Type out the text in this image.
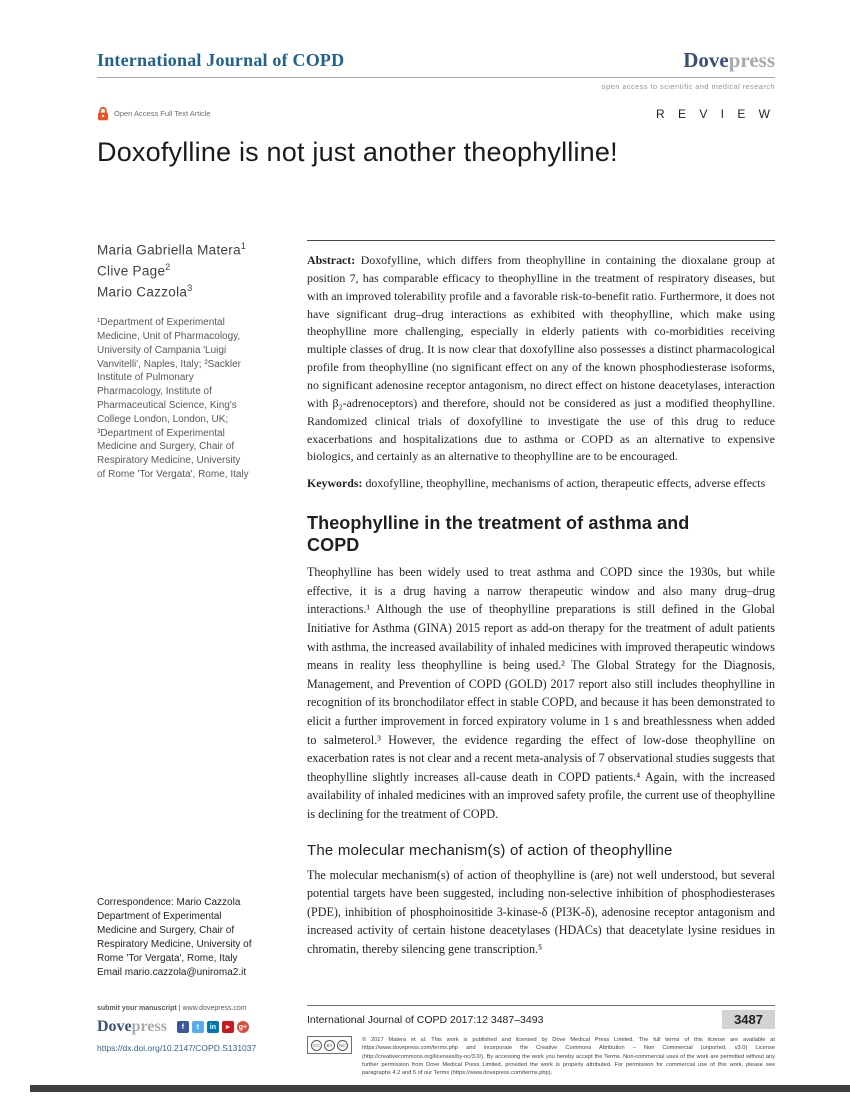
International Journal of COPD	Dovepress
open access to scientific and medical research
Open Access Full Text Article	R E V I E W
Doxofylline is not just another theophylline!
Maria Gabriella Matera$^1$
Clive Page$^2$
Mario Cazzola$^3$
¹Department of Experimental Medicine, Unit of Pharmacology, University of Campania 'Luigi Vanvitelli', Naples, Italy; ²Sackler Institute of Pulmonary Pharmacology, Institute of Pharmaceutical Science, King's College London, London, UK; ³Department of Experimental Medicine and Surgery, Chair of Respiratory Medicine, University of Rome 'Tor Vergata', Rome, Italy
Correspondence: Mario Cazzola
Department of Experimental Medicine and Surgery, Chair of Respiratory Medicine, University of Rome 'Tor Vergata', Rome, Italy
Email mario.cazzola@uniroma2.it

Abstract: Doxofylline, which differs from theophylline in containing the dioxalane group at position 7, has comparable efficacy to theophylline in the treatment of respiratory diseases, but with an improved tolerability profile and a favorable risk-to-benefit ratio. Furthermore, it does not have significant drug–drug interactions as exhibited with theophylline, which make using theophylline more challenging, especially in elderly patients with co-morbidities receiving multiple classes of drug. It is now clear that doxofylline also possesses a distinct pharmacological profile from theophylline (no significant effect on any of the known phosphodiesterase isoforms, no significant adenosine receptor antagonism, no direct effect on histone deacetylases, interaction with β₂-adrenoceptors) and therefore, should not be considered as just a modified theophylline. Randomized clinical trials of doxofylline to investigate the use of this drug to reduce exacerbations and hospitalizations due to asthma or COPD as an alternative to expensive biologics, and certainly as an alternative to theophylline are to be encouraged.

Keywords: doxofylline, theophylline, mechanisms of action, therapeutic effects, adverse effects

Theophylline in the treatment of asthma and COPD

Theophylline has been widely used to treat asthma and COPD since the 1930s, but while effective, it is a drug having a narrow therapeutic window and also many drug–drug interactions.¹ Although the use of theophylline preparations is still defined in the Global Initiative for Asthma (GINA) 2015 report as add-on therapy for the treatment of adult patients with asthma, the increased availability of inhaled medicines with improved therapeutic windows means in reality less theophylline is being used.² The Global Strategy for the Diagnosis, Management, and Prevention of COPD (GOLD) 2017 report also still includes theophylline in recognition of its bronchodilator effect in stable COPD, and because it has been demonstrated to elicit a further improvement in forced expiratory volume in 1 s and breathlessness when added to salmeterol.³ However, the evidence regarding the effect of low-dose theophylline on exacerbation rates is not clear and a recent meta-analysis of 7 observational studies suggests that theophylline slightly increases all-cause death in COPD patients.⁴ Again, with the increased availability of inhaled medicines with an improved safety profile, the current use of theophylline is declining for the treatment of COPD.

The molecular mechanism(s) of action of theophylline

The molecular mechanism(s) of action of theophylline is (are) not well understood, but several potential targets have been suggested, including non-selective inhibition of phosphodiesterases (PDE), inhibition of phosphoinositide 3-kinase-δ (PI3K-δ), adenosine receptor antagonism and increased activity of certain histone deacetylases (HDACs) that deacetylate lysine residues in chromatin, thereby silencing gene transcription.⁵

submit your manuscript | www.dovepress.com
Dovepress	f	t	in	►	g+
https://dx.doi.org/10.2147/COPD.S131037
International Journal of COPD 2017:12 3487–3493	3487
CC	BY	NC
© 2017 Matera et al. This work is published and licensed by Dove Medical Press Limited. The full terms of this license are available at https://www.dovepress.com/terms.php and incorporate the Creative Commons Attribution – Non Commercial (unported, v3.0) License (http://creativecommons.org/licenses/by-nc/3.0/). By accessing the work you hereby accept the Terms. Non-commercial uses of the work are permitted without any further permission from Dove Medical Press Limited, provided the work is properly attributed. For permission for commercial use of this work, please see paragraphs 4.2 and 5 of our Terms (https://www.dovepress.com/terms.php).
